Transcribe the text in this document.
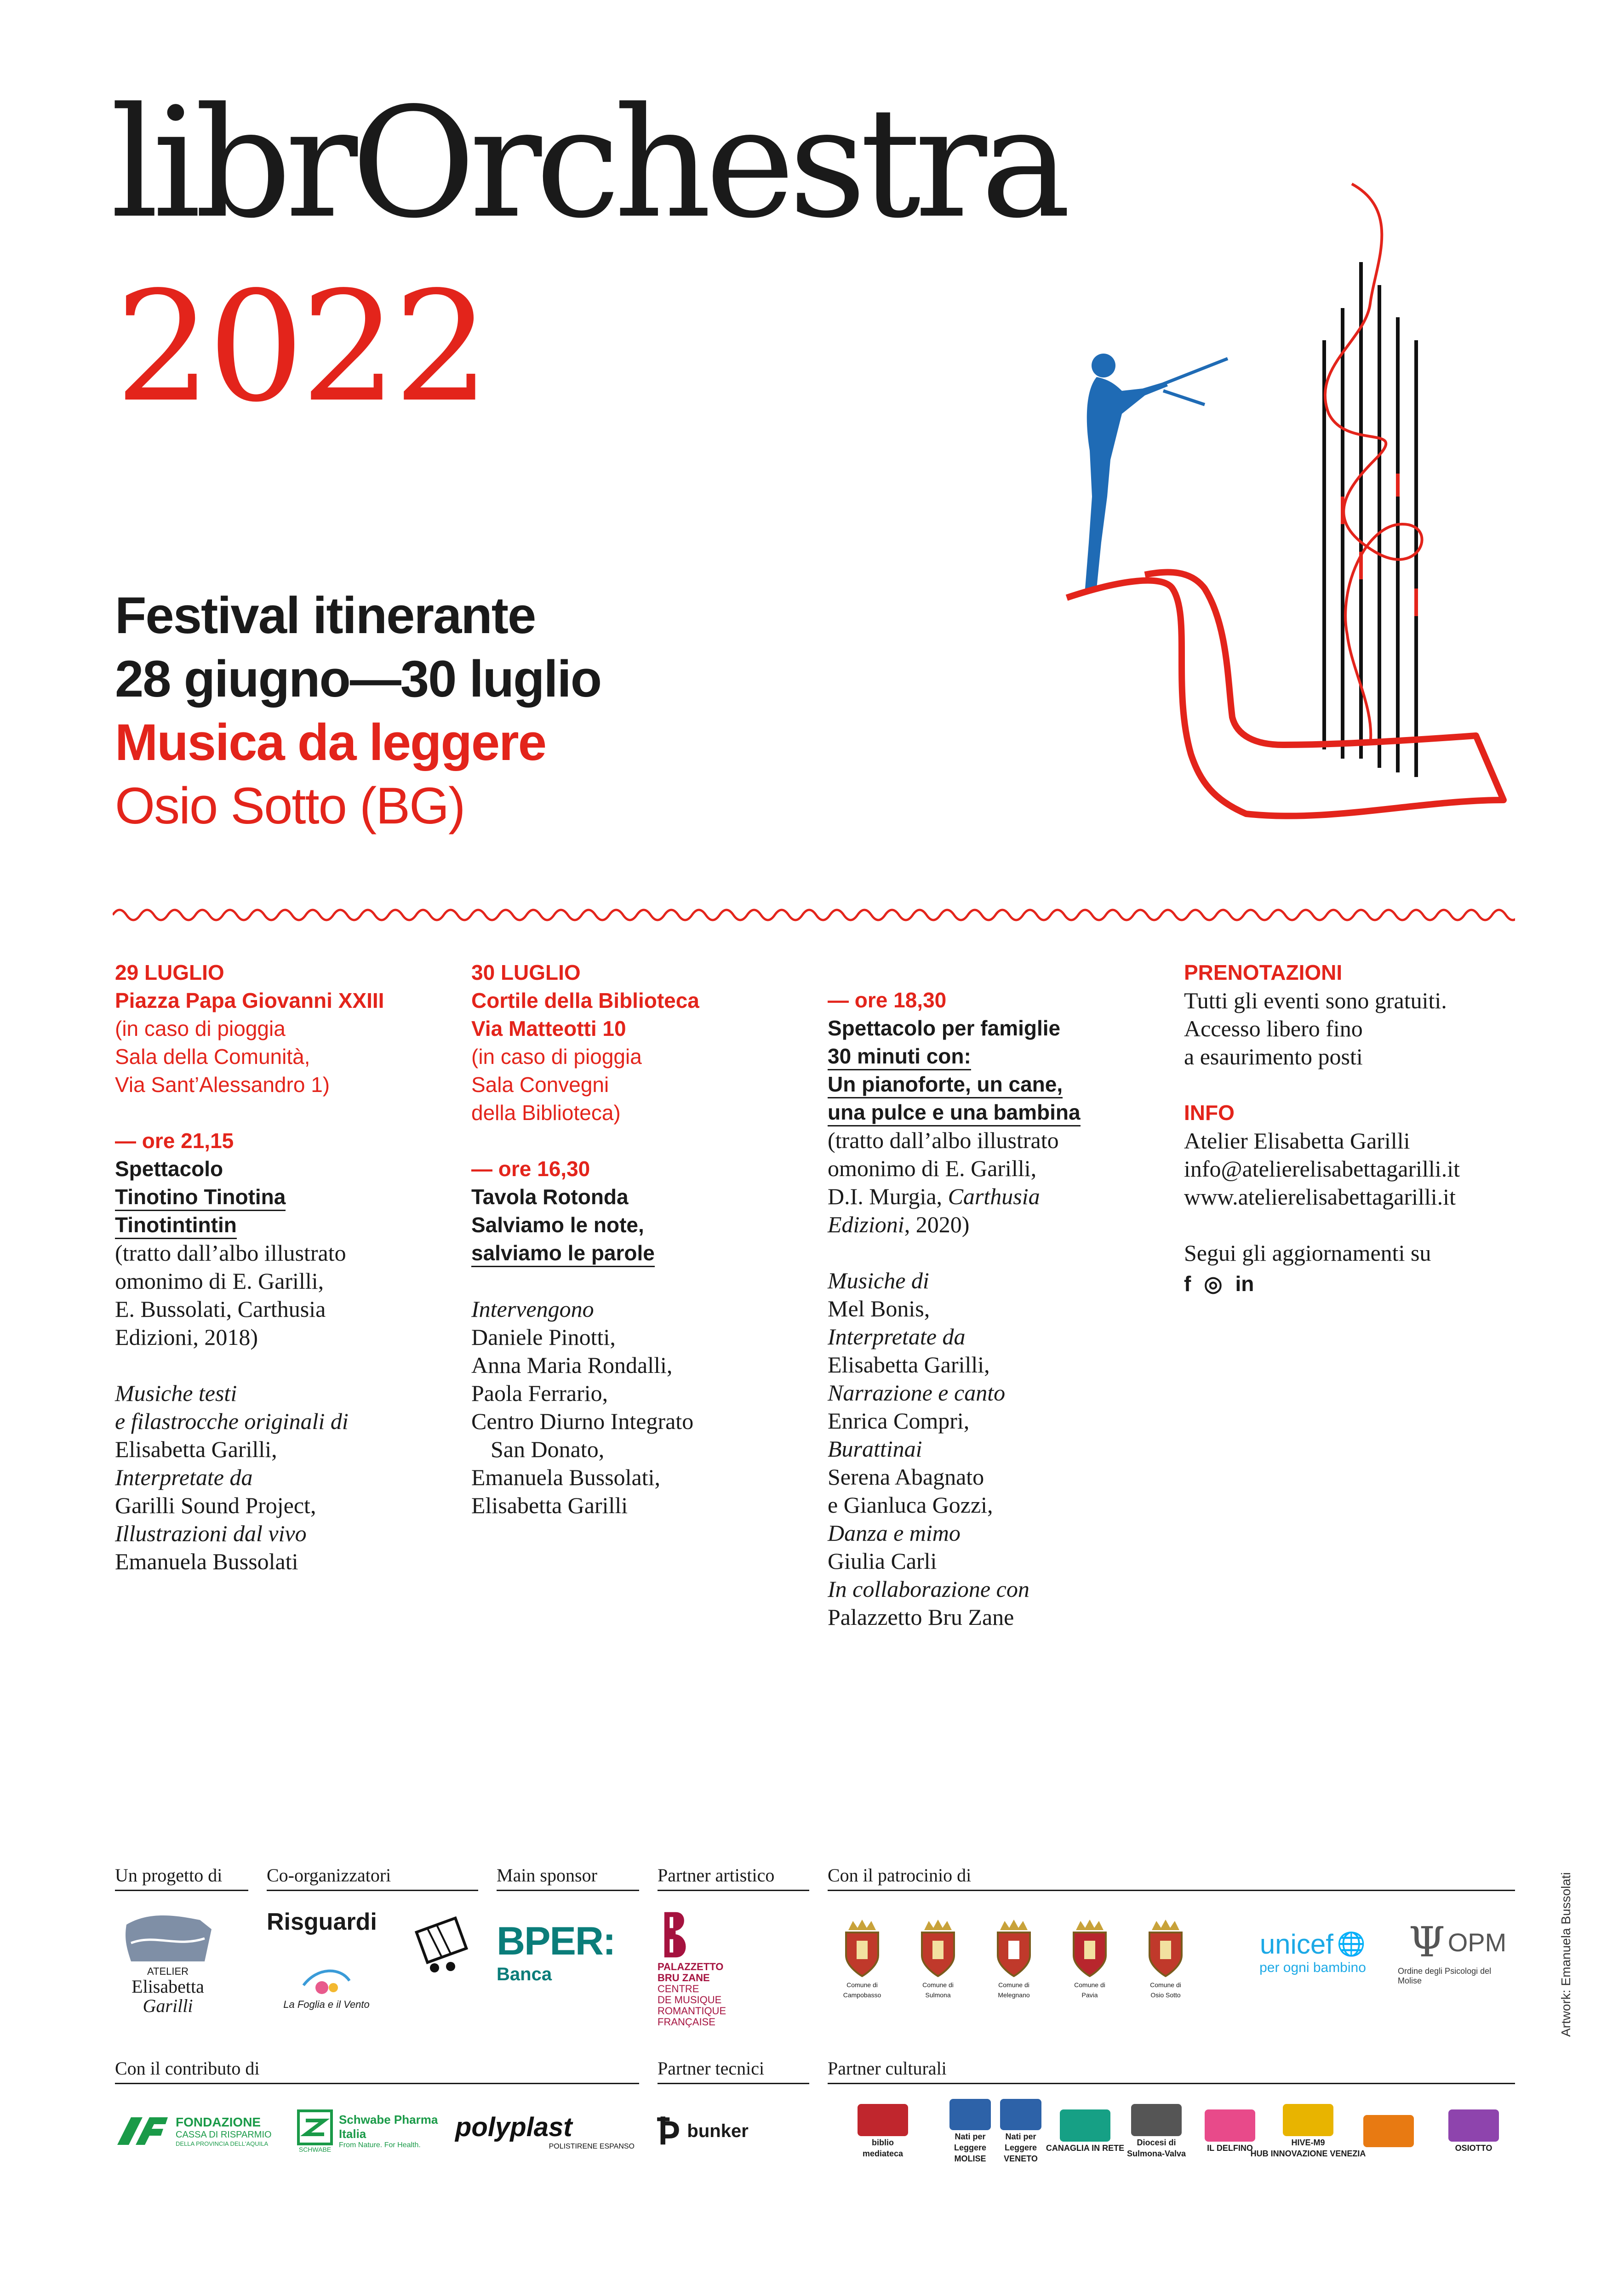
librOrchestra
2022
Festival itinerante
28 giugno—30 luglio
Musica da leggere
Osio Sotto (BG)
29 LUGLIO
Piazza Papa Giovanni XXIII
(in caso di pioggia
Sala della Comunità,
Via Sant’Alessandro 1)
— ore 21,15
Spettacolo
Tinotino Tinotina
Tinotintintin
(tratto dall’albo illustrato
omonimo di E. Garilli,
E. Bussolati, Carthusia
Edizioni, 2018)
Musiche testi
e filastrocche originali di
Elisabetta Garilli,
Interpretate da
Garilli Sound Project,
Illustrazioni dal vivo
Emanuela Bussolati
30 LUGLIO
Cortile della Biblioteca
Via Matteotti 10
(in caso di pioggia
Sala Convegni
della Biblioteca)
— ore 16,30
Tavola Rotonda
Salviamo le note,
salviamo le parole
Intervengono
Daniele Pinotti,
Anna Maria Rondalli,
Paola Ferrario,
Centro Diurno Integrato
San Donato,
Emanuela Bussolati,
Elisabetta Garilli
— ore 18,30
Spettacolo per famiglie
30 minuti con:
Un pianoforte, un cane,
una pulce e una bambina
(tratto dall’albo illustrato
omonimo di E. Garilli,
D.I. Murgia, Carthusia
Edizioni, 2020)
Musiche di
Mel Bonis,
Interpretate da
Elisabetta Garilli,
Narrazione e canto
Enrica Compri,
Burattinai
Serena Abagnato
e Gianluca Gozzi,
Danza e mimo
Giulia Carli
In collaborazione con
Palazzetto Bru Zane
PRENOTAZIONI
Tutti gli eventi sono gratuiti.
Accesso libero fino
a esaurimento posti
INFO
Atelier Elisabetta Garilli
info@atelierelisabettagarilli.it
www.atelierelisabettagarilli.it
Segui gli aggiornamenti su
f ◎ in
Un progetto di Co-organizzatori	Main sponsor	Partner artistico	Con il patrocinio di
ATELIER
Elisabetta
Garilli
Risguardi
La Foglia e il Vento
BPER:
Banca	PALAZZETTO
BRU ZANE
CENTRE
DE MUSIQUE
ROMANTIQUE
FRANÇAISE
Comune di
Campobasso
Comune di
Sulmona
Comune di
Melegnano
Comune di
Pavia
Comune di
Osio Sotto
unicef 🌐
per ogni bambino
Ψ OPM
Ordine degli Psicologi del Molise
Con il contributo di	Partner tecnici	Partner culturali
FONDAZIONE
CASSA DI RISPARMIO
DELLA PROVINCIA DELL'AQUILA
SCHWABE
Schwabe Pharma
Italia
From Nature. For Health.
polyplast
POLISTIRENE ESPANSO Ꝥ bunker
biblio
mediateca
Nati per
Leggere
MOLISE
Nati per
Leggere
VENETO
CANAGLIA IN RETE
Diocesi di
Sulmona-Valva
IL DELFINO
HIVE-M9
HUB INNOVAZIONE VENEZIA
OSIOTTO
Artwork: Emanuela Bussolati
